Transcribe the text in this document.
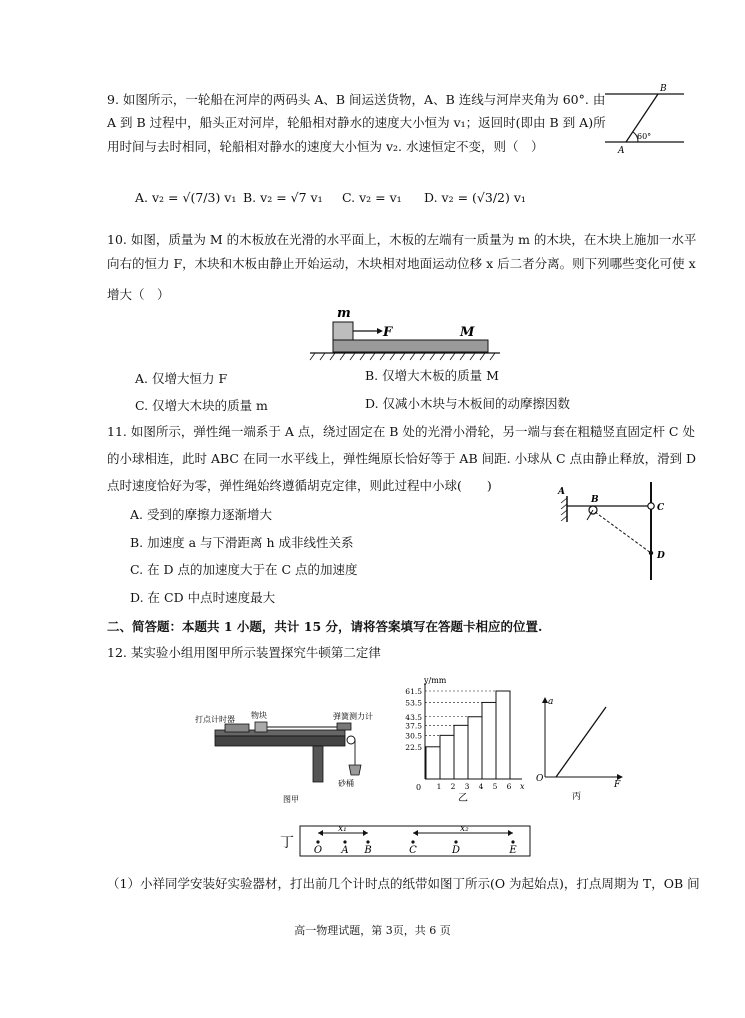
9. 如图所示，一轮船在河岸的两码头 A、B 间运送货物，A、B 连线与河岸夹角为 60°. 由
A 到 B 过程中，船头正对河岸，轮船相对静水的速度大小恒为 v₁；返回时(即由 B 到 A)所
用时间与去时相同，轮船相对静水的速度大小恒为 v₂. 水速恒定不变，则（　）
B
A
60°
A. v₂ = √(7/3) v₁ B. v₂ = √7 v₁ C. v₂ = v₁ D. v₂ = (√3/2) v₁
10. 如图，质量为 M 的木板放在光滑的水平面上，木板的左端有一质量为 m 的木块，在木块上施加一水平
向右的恒力 F，木块和木板由静止开始运动，木块相对地面运动位移 x 后二者分离。则下列哪些变化可使 x
增大（　）
m
F	M
A. 仅增大恒力 F	B. 仅增大木板的质量 M
C. 仅增大木块的质量 m	D. 仅减小木块与木板间的动摩擦因数
11. 如图所示，弹性绳一端系于 A 点，绕过固定在 B 处的光滑小滑轮，另一端与套在粗糙竖直固定杆 C 处
的小球相连，此时 ABC 在同一水平线上，弹性绳原长恰好等于 AB 间距. 小球从 C 点由静止释放，滑到 D
点时速度恰好为零，弹性绳始终遵循胡克定律，则此过程中小球(　　)	A
B
C
D
A. 受到的摩擦力逐渐增大
B. 加速度 a 与下滑距离 h 成非线性关系
C. 在 D 点的加速度大于在 C 点的加速度
D. 在 CD 中点时速度最大
二、简答题：本题共 1 小题，共计 15 分，请将答案填写在答题卡相应的位置.
12. 某实验小组用图甲所示装置探究牛顿第二定律
打点计时器 物块	弹簧测力计
砂桶
图甲
22.5
1
30.5
2
37.5
3
43.5
4
53.5
5
61.5
6
y/mm
x
0
乙
a
F
O
丙
丁
x₁	x₂
O A B	C	D	E
（1）小祥同学安装好实验器材，打出前几个计时点的纸带如图丁所示(O 为起始点)，打点周期为 T，OB 间
高一物理试题，第 3页，共 6 页
